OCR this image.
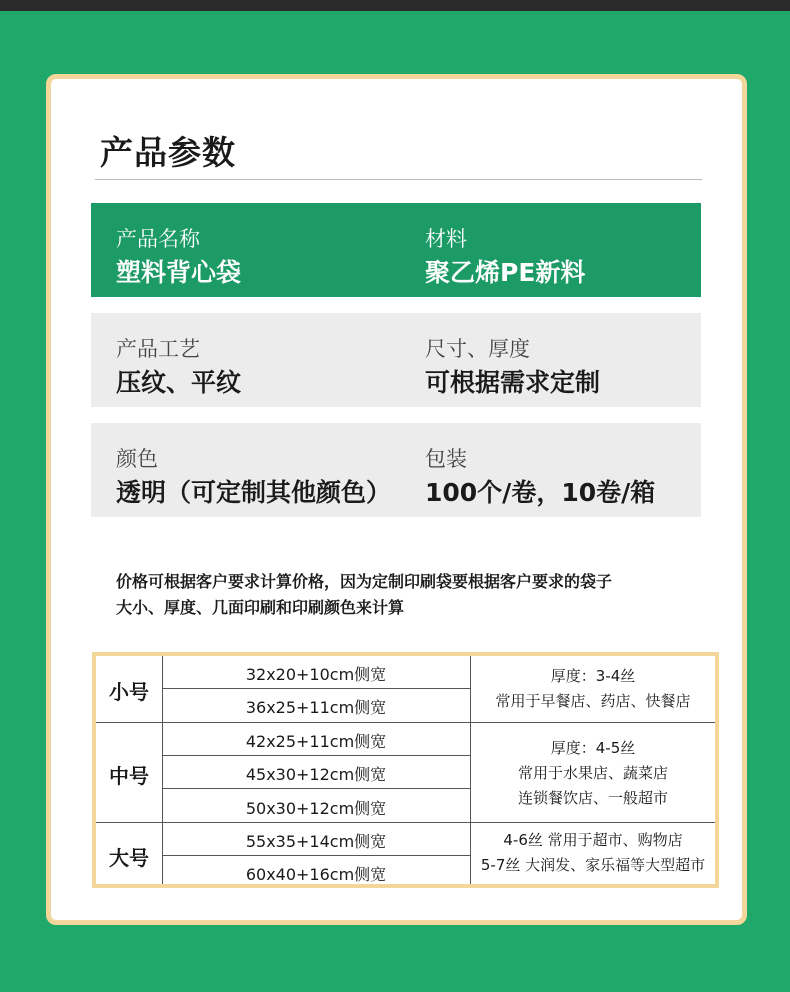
产品参数
产品名称
塑料背心袋
材料
聚乙烯PE新料
产品工艺
压纹、平纹
尺寸、厚度
可根据需求定制
颜色
透明（可定制其他颜色）
包装
100个/卷，10卷/箱

价格可根据客户要求计算价格，因为定制印刷袋要根据客户要求的袋子
大小、厚度、几面印刷和印刷颜色来计算

小号
32x20+10cm侧宽
36x25+11cm侧宽
厚度：3-4丝
常用于早餐店、药店、快餐店
中号
42x25+11cm侧宽
45x30+12cm侧宽
50x30+12cm侧宽
厚度：4-5丝
常用于水果店、蔬菜店
连锁餐饮店、一般超市
大号
55x35+14cm侧宽
60x40+16cm侧宽
4-6丝 常用于超市、购物店
5-7丝 大润发、家乐福等大型超市
